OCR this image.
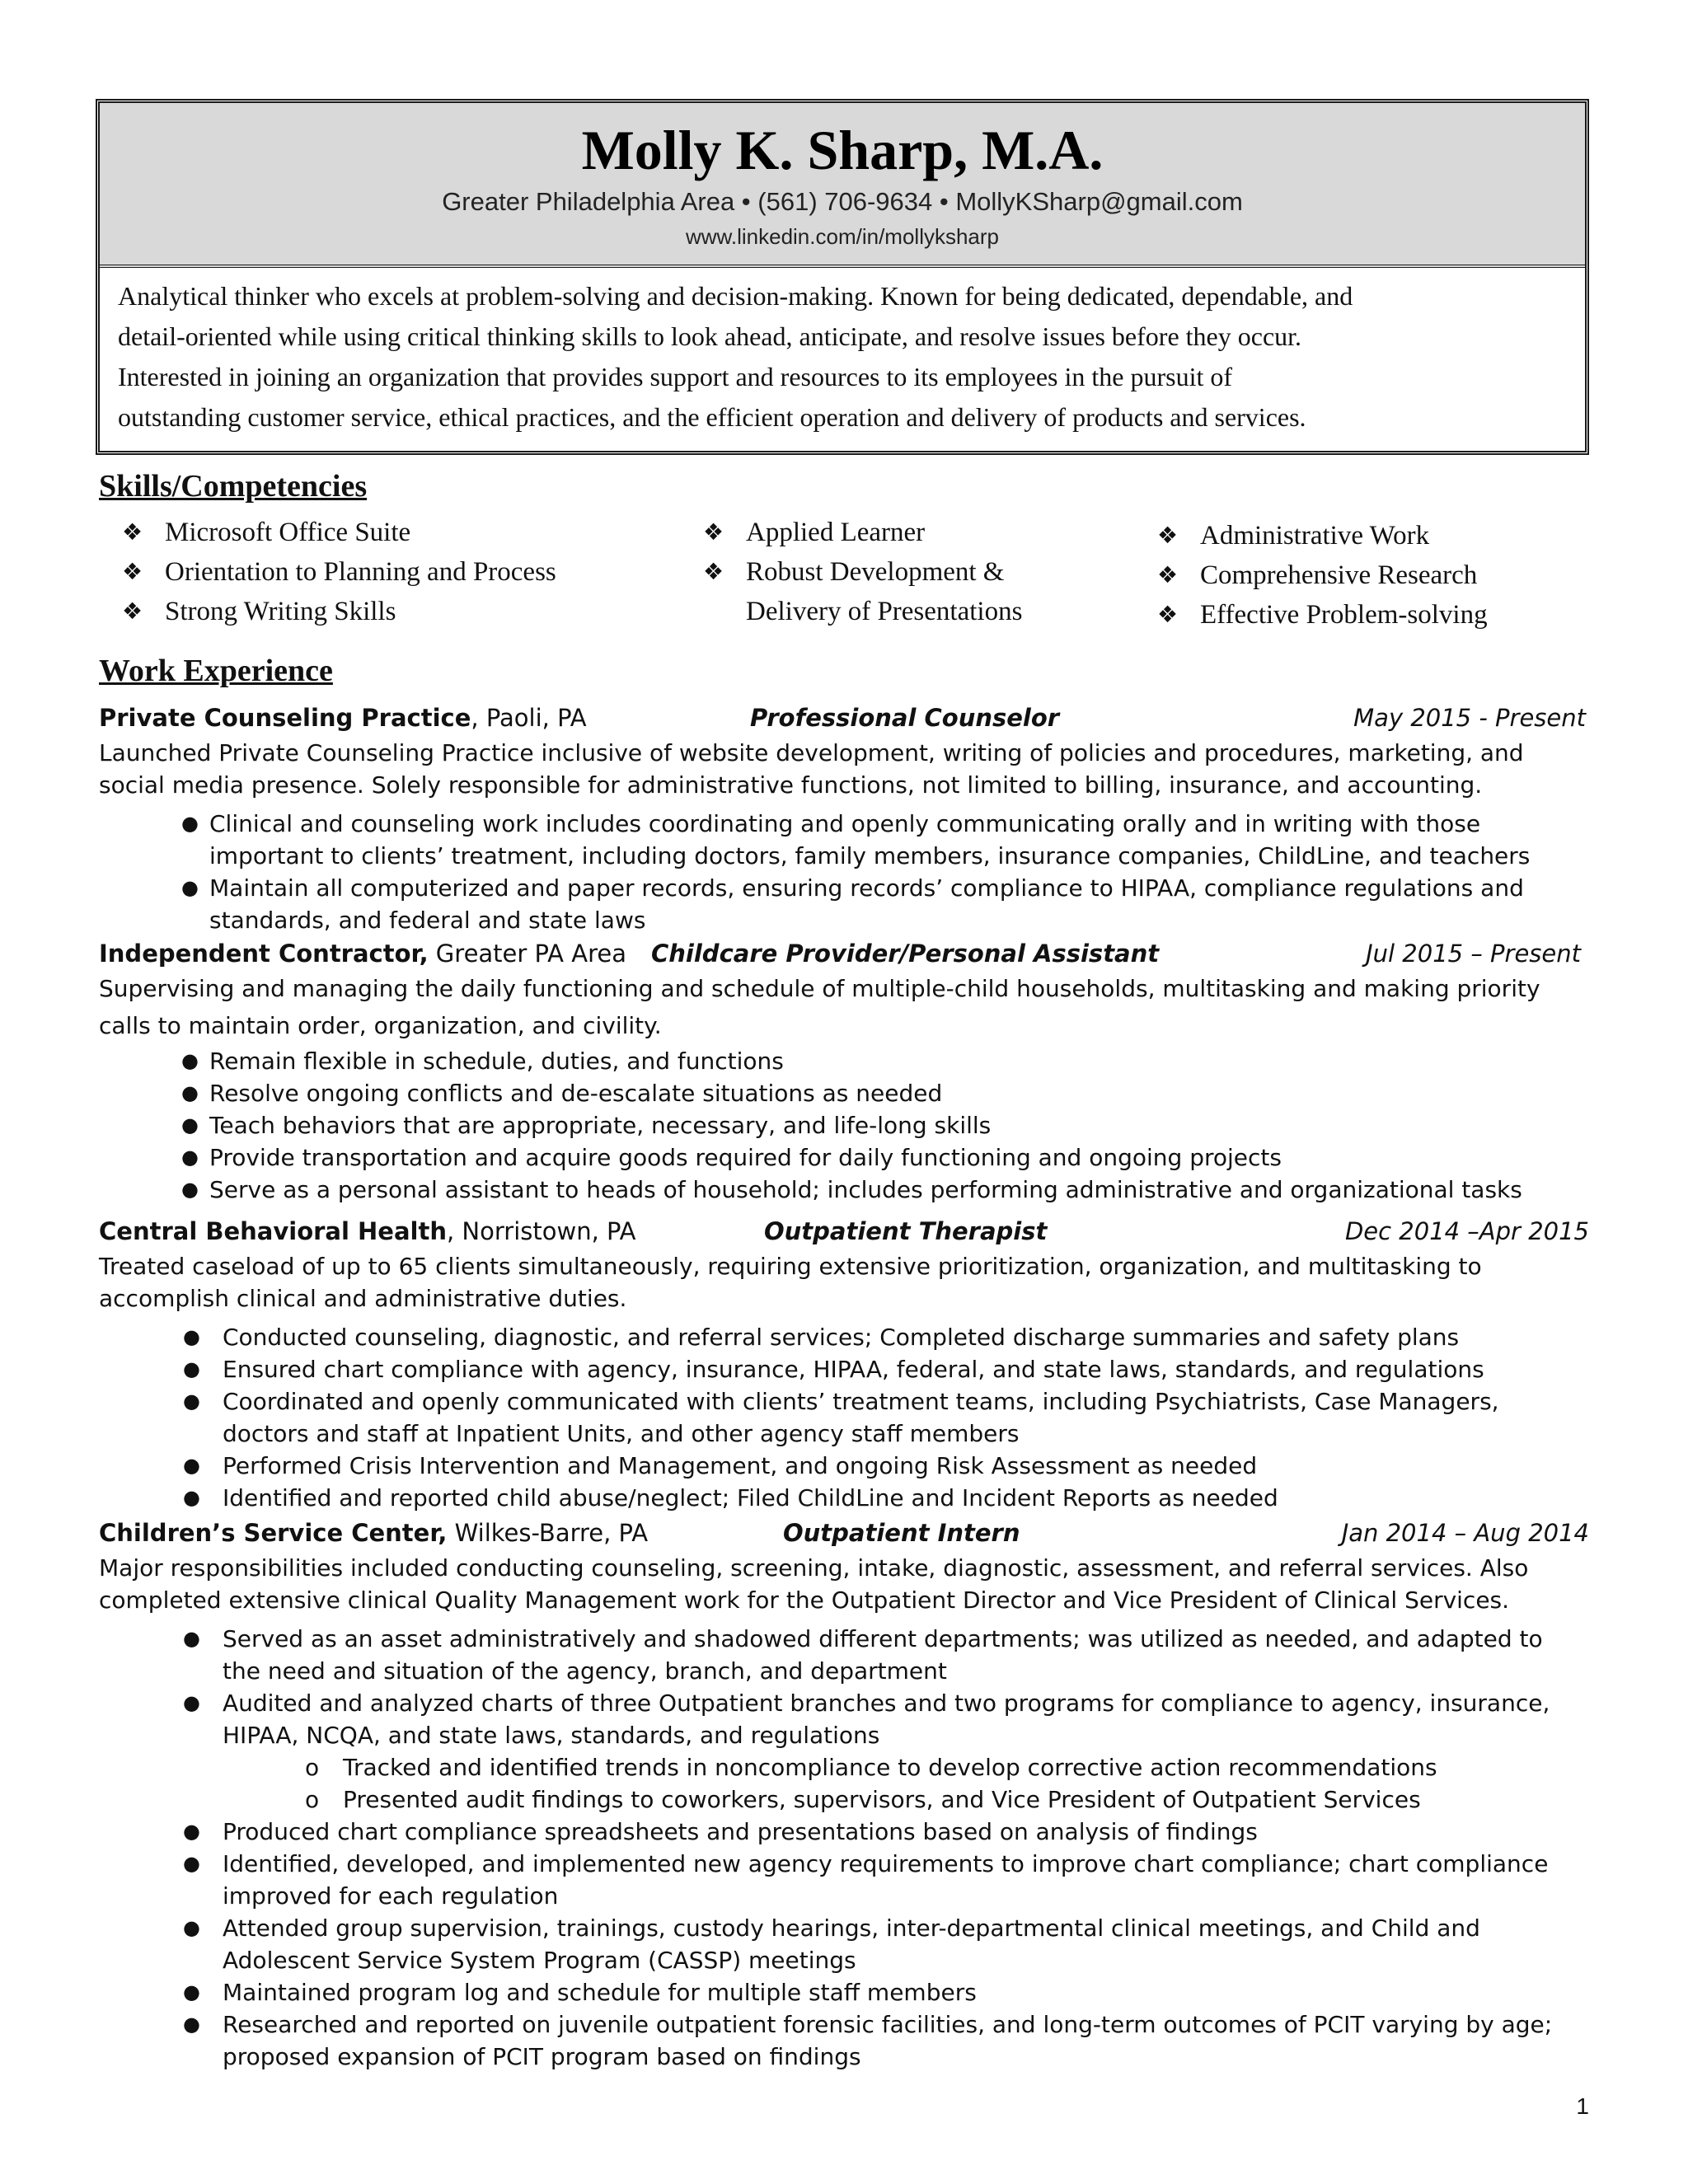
Molly K. Sharp, M.A.
Greater Philadelphia Area • (561) 706-9634 • MollyKSharp@gmail.com
www.linkedin.com/in/mollyksharp

Analytical thinker who excels at problem-solving and decision-making. Known for being dedicated, dependable, and

detail-oriented while using critical thinking skills to look ahead, anticipate, and resolve issues before they occur.

Interested in joining an organization that provides support and resources to its employees in the pursuit of

outstanding customer service, ethical practices, and the efficient operation and delivery of products and services.

Skills/Competencies
❖ Microsoft Office Suite
❖ Orientation to Planning and Process
❖ Strong Writing Skills
❖ Applied Learner
❖ Robust Development &
Delivery of Presentations
❖ Administrative Work
❖ Comprehensive Research
❖ Effective Problem-solving
Work Experience
Private Counseling Practice, Paoli, PA	Professional Counselor	May 2015 - Present

Launched Private Counseling Practice inclusive of website development, writing of policies and procedures, marketing, and

social media presence. Solely responsible for administrative functions, not limited to billing, insurance, and accounting.

● Clinical and counseling work includes coordinating and openly communicating orally and in writing with those
important to clients’ treatment, including doctors, family members, insurance companies, ChildLine, and teachers
● Maintain all computerized and paper records, ensuring records’ compliance to HIPAA, compliance regulations and
standards, and federal and state laws
Independent Contractor, Greater PA Area Childcare Provider/Personal Assistant	Jul 2015 – Present

Supervising and managing the daily functioning and schedule of multiple-child households, multitasking and making priority

calls to maintain order, organization, and civility.

● Remain flexible in schedule, duties, and functions
● Resolve ongoing conflicts and de-escalate situations as needed
● Teach behaviors that are appropriate, necessary, and life-long skills
● Provide transportation and acquire goods required for daily functioning and ongoing projects
● Serve as a personal assistant to heads of household; includes performing administrative and organizational tasks
Central Behavioral Health, Norristown, PA	Outpatient Therapist	Dec 2014 –Apr 2015

Treated caseload of up to 65 clients simultaneously, requiring extensive prioritization, organization, and multitasking to

accomplish clinical and administrative duties.

● Conducted counseling, diagnostic, and referral services; Completed discharge summaries and safety plans
● Ensured chart compliance with agency, insurance, HIPAA, federal, and state laws, standards, and regulations
● Coordinated and openly communicated with clients’ treatment teams, including Psychiatrists, Case Managers,
doctors and staff at Inpatient Units, and other agency staff members
● Performed Crisis Intervention and Management, and ongoing Risk Assessment as needed
● Identified and reported child abuse/neglect; Filed ChildLine and Incident Reports as needed
Children’s Service Center, Wilkes-Barre, PA	Outpatient Intern	Jan 2014 – Aug 2014

Major responsibilities included conducting counseling, screening, intake, diagnostic, assessment, and referral services. Also

completed extensive clinical Quality Management work for the Outpatient Director and Vice President of Clinical Services.

● Served as an asset administratively and shadowed different departments; was utilized as needed, and adapted to
the need and situation of the agency, branch, and department
● Audited and analyzed charts of three Outpatient branches and two programs for compliance to agency, insurance,
HIPAA, NCQA, and state laws, standards, and regulations
o Tracked and identified trends in noncompliance to develop corrective action recommendations
o Presented audit findings to coworkers, supervisors, and Vice President of Outpatient Services
● Produced chart compliance spreadsheets and presentations based on analysis of findings
● Identified, developed, and implemented new agency requirements to improve chart compliance; chart compliance
improved for each regulation
● Attended group supervision, trainings, custody hearings, inter-departmental clinical meetings, and Child and
Adolescent Service System Program (CASSP) meetings
● Maintained program log and schedule for multiple staff members
● Researched and reported on juvenile outpatient forensic facilities, and long-term outcomes of PCIT varying by age;
proposed expansion of PCIT program based on findings
1
